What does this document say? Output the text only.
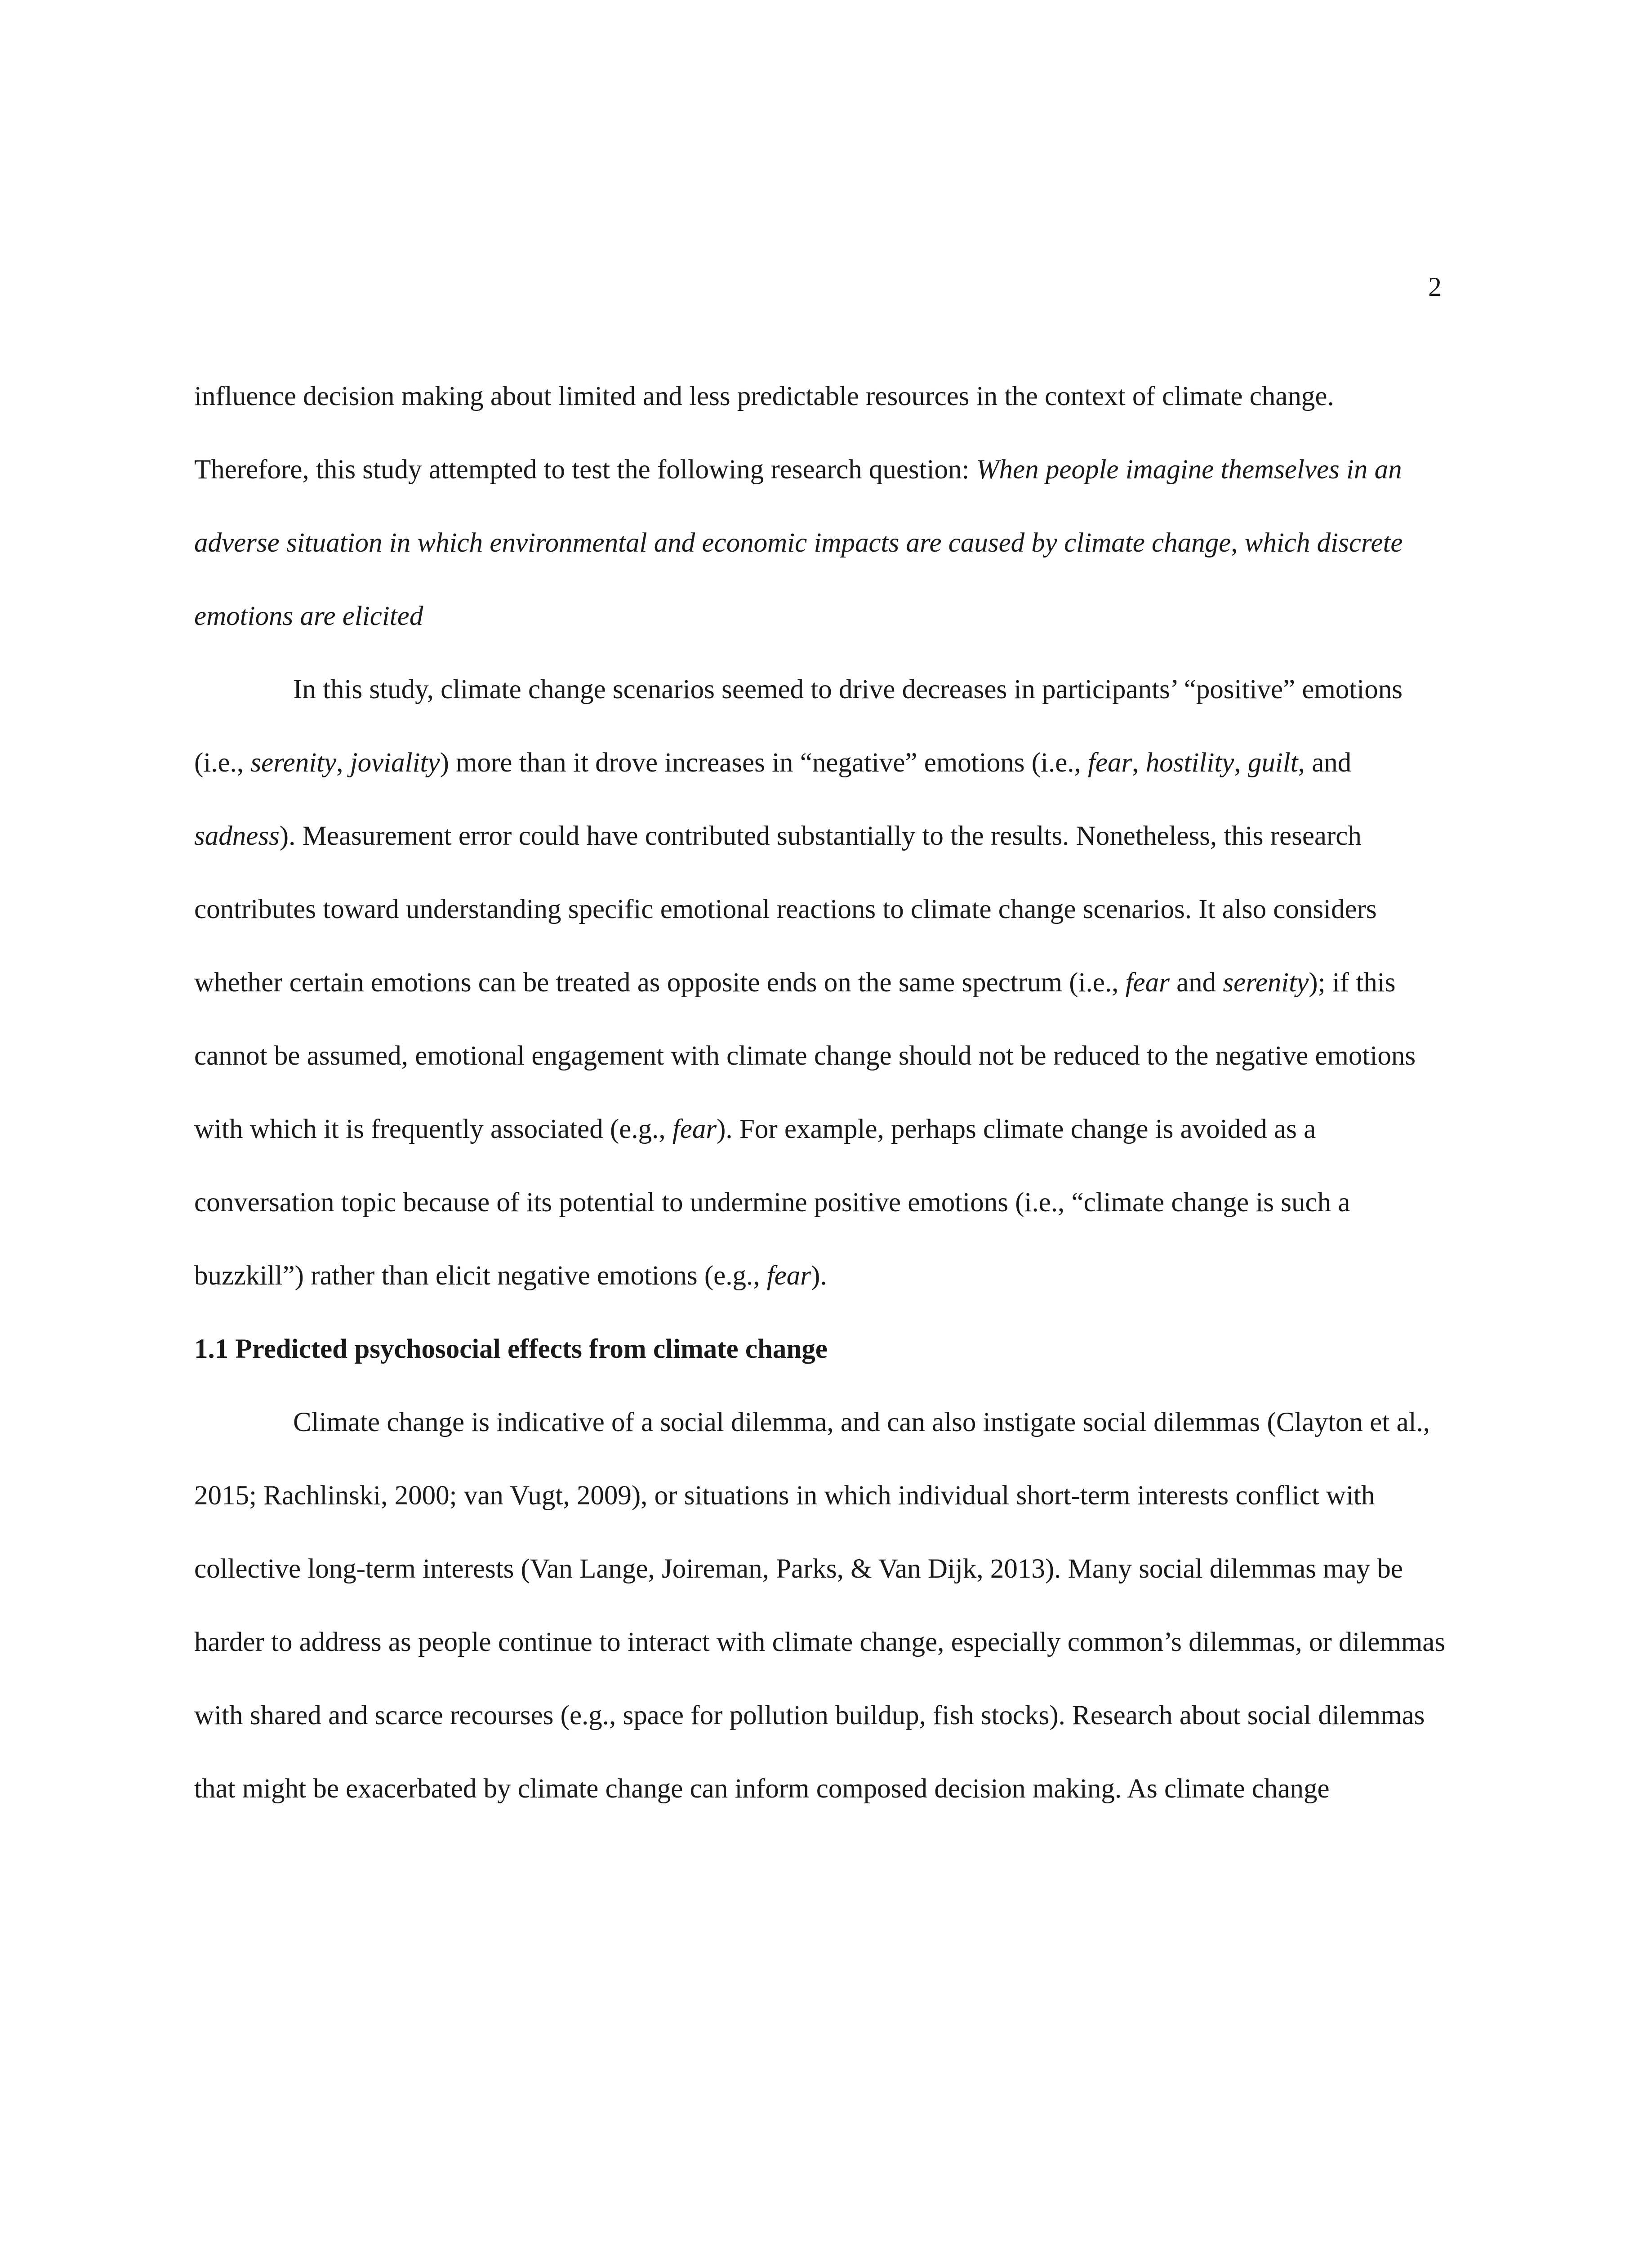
2

influence decision making about limited and less predictable resources in the context of climate change. Therefore, this study attempted to test the following research question: When people imagine themselves in an adverse situation in which environmental and economic impacts are caused by climate change, which discrete emotions are elicited

In this study, climate change scenarios seemed to drive decreases in participants’ “positive” emotions (i.e., serenity, joviality) more than it drove increases in “negative” emotions (i.e., fear, hostility, guilt, and sadness). Measurement error could have contributed substantially to the results. Nonetheless, this research contributes toward understanding specific emotional reactions to climate change scenarios. It also considers whether certain emotions can be treated as opposite ends on the same spectrum (i.e., fear and serenity); if this cannot be assumed, emotional engagement with climate change should not be reduced to the negative emotions with which it is frequently associated (e.g., fear). For example, perhaps climate change is avoided as a conversation topic because of its potential to undermine positive emotions (i.e., “climate change is such a buzzkill”) rather than elicit negative emotions (e.g., fear).

1.1 Predicted psychosocial effects from climate change

Climate change is indicative of a social dilemma, and can also instigate social dilemmas (Clayton et al., 2015; Rachlinski, 2000; van Vugt, 2009), or situations in which individual short-term interests conflict with collective long-term interests (Van Lange, Joireman, Parks, & Van Dijk, 2013). Many social dilemmas may be harder to address as people continue to interact with climate change, especially common’s dilemmas, or dilemmas with shared and scarce recourses (e.g., space for pollution buildup, fish stocks). Research about social dilemmas that might be exacerbated by climate change can inform composed decision making. As climate change
